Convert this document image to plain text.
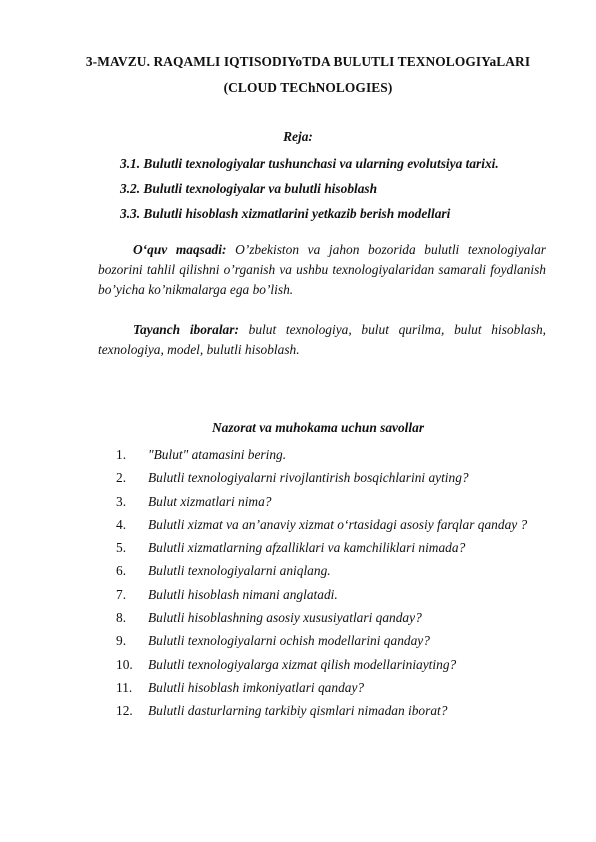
3-MAVZU. RAQAMLI IQTISODIYoTDA BULUTLI TEXNOLOGIYaLARI
(CLOUD TEChNOLOGIES)
Reja:
3.1. Bulutli texnologiyalar tushunchasi va ularning evolutsiya tarixi.
3.2. Bulutli texnologiyalar va bulutli hisoblash
3.3. Bulutli hisoblash xizmatlarini yetkazib berish modellari
O‘quv maqsadi: O’zbekiston va jahon bozorida bulutli texnologiyalar bozorini tahlil qilishni o’rganish va ushbu texnologiyalaridan samarali foydlanish bo’yicha ko’nikmalarga ega bo’lish.
Tayanch iboralar: bulut texnologiya, bulut qurilma, bulut hisoblash, texnologiya, model, bulutli hisoblash.
Nazorat va muhokama uchun savollar
1.	"Bulut" atamasini bering.
2.	Bulutli texnologiyalarni rivojlantirish bosqichlarini ayting?
3.	Bulut xizmatlari nima?
4.	Bulutli xizmat va an’anaviy xizmat o‘rtasidagi asosiy farqlar qanday ?
5.	Bulutli xizmatlarning afzalliklari va kamchiliklari nimada?
6.	Bulutli texnologiyalarni aniqlang.
7.	Bulutli hisoblash nimani anglatadi.
8.	Bulutli hisoblashning asosiy xususiyatlari qanday?
9.	Bulutli texnologiyalarni ochish modellarini qanday?
10.	Bulutli texnologiyalarga xizmat qilish modellariniayting?
11.	Bulutli hisoblash imkoniyatlari qanday?
12.	Bulutli dasturlarning tarkibiy qismlari nimadan iborat?
